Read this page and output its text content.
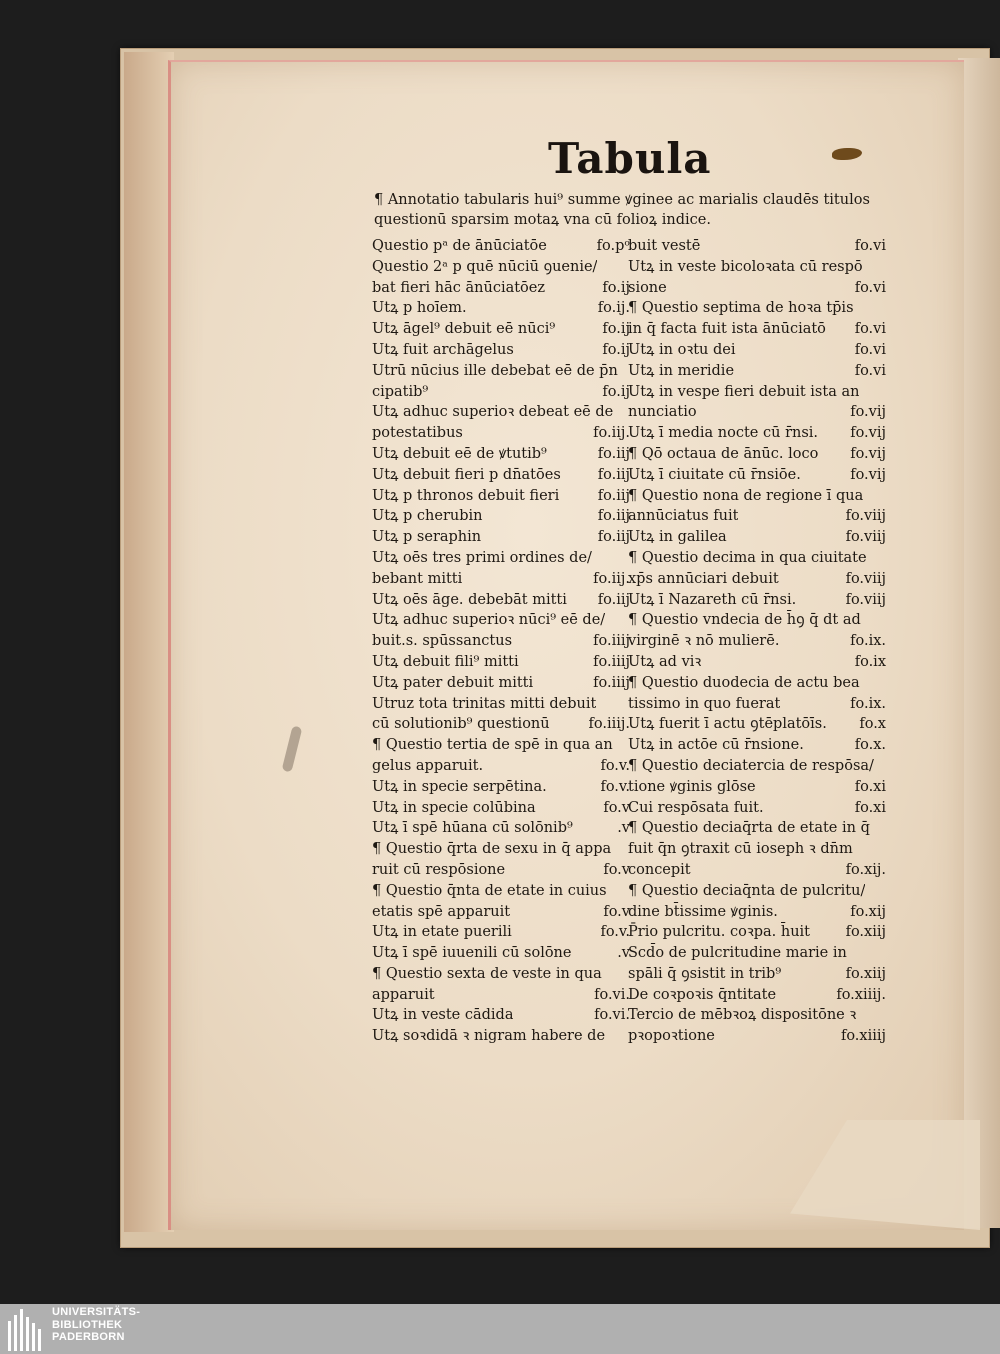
Tabula
¶ Annotatio tabularis hui⁹ summe ꝟginee ac marialis claudēs titulos questionū sparsim motaꝝ vna cū folioꝝ indice.
Questio pᵃ de ānūciatōe	fo.pᵒ
Questio 2ᵃ p quē nūciū ꝯuenie/
bat fieri hāc ānūciatōez	fo.ij
Utꝝ p hoīem.	fo.ij.
Utꝝ āgel⁹ debuit eē nūci⁹	fo.ij
Utꝝ fuit archāgelus	fo.ij
Utrū nūcius ille debebat eē de p̄n
cipatib⁹	fo.ij
Utꝝ adhuc superioꝛ debeat eē de
potestatibus	fo.iij.
Utꝝ debuit eē de ꝟtutib⁹	fo.iij
Utꝝ debuit fieri p dn̄atōes	fo.iij
Utꝝ p thronos debuit fieri	fo.iij
Utꝝ p cherubin	fo.iij
Utꝝ p seraphin	fo.iij
Utꝝ oēs tres primi ordines de/
bebant mitti	fo.iij.
Utꝝ oēs āge. debebāt mitti fo.iij
Utꝝ adhuc superioꝛ nūci⁹ eē de/
buit.s. spūssanctus	fo.iiij
Utꝝ debuit fili⁹ mitti	fo.iiij
Utꝝ pater debuit mitti	fo.iiij
Utruz tota trinitas mitti debuit
cū solutionib⁹ questionū	fo.iiij.
¶ Questio tertia de spē in qua an
gelus apparuit.	fo.v.
Utꝝ in specie serpētina.	fo.v.
Utꝝ in specie colūbina	fo.v
Utꝝ ī spē hūana cū solōnib⁹	.v
¶ Questio q̄rta de sexu in q̄ appa
ruit cū respōsione	fo.v
¶ Questio q̄nta de etate in cuius
etatis spē apparuit	fo.v
Utꝝ in etate puerili	fo.v.
Utꝝ ī spē iuuenili cū solōne	.v
¶ Questio sexta de veste in qua
apparuit	fo.vi.
Utꝝ in veste cādida	fo.vi.
Utꝝ soꝛdidā ꝛ nigram habere de
buit vestē	fo.vi
Utꝝ in veste bicoloꝛata cū respō
sione	fo.vi
¶ Questio septima de hoꝛa tp̄is
in q̄ facta fuit ista ānūciatō fo.vi
Utꝝ in oꝛtu dei	fo.vi
Utꝝ in meridie	fo.vi
Utꝝ in vespe fieri debuit ista an
nunciatio	fo.vij
Utꝝ ī media nocte cū r̄nsi. fo.vij
¶ Qō octaua de ānūc. loco fo.vij
Utꝝ ī ciuitate cū r̄nsiōe.	fo.vij
¶ Questio nona de regione ī qua
annūciatus fuit	fo.viij
Utꝝ in galilea	fo.viij
¶ Questio decima in qua ciuitate
xp̄s annūciari debuit	fo.viij
Utꝝ ī Nazareth cū r̄nsi.	fo.viij
¶ Questio vndecia de h̄ꝯ q̄ dt ad
virginē ꝛ nō mulierē.	fo.ix.
Utꝝ ad viꝛ	fo.ix
¶ Questio duodecia de actu bea
tissimo in quo fuerat	fo.ix.
Utꝝ fuerit ī actu ꝯtēplatōīs. fo.x
Utꝝ in actōe cū r̄nsione.	fo.x.
¶ Questio deciatercia de respōsa/
tione ꝟginis glōse	fo.xi
Cui respōsata fuit.	fo.xi
¶ Questio deciaq̄rta de etate in q̄
fuit q̄n ꝯtraxit cū ioseph ꝛ dn̄m
concepit	fo.xij.
¶ Questio deciaq̄nta de pulcritu/
dine bt̄issime ꝟginis.	fo.xij
P̄rio pulcritu. coꝛpa. h̄uit fo.xiij
Scd̄o de pulcritudine marie in
spāli q̄ ꝯsistit in trib⁹	fo.xiij
De coꝛpoꝛis q̄ntitate	fo.xiiij.
Tercio de mēbꝛoꝝ dispositōne ꝛ
pꝛopoꝛtione	fo.xiiij
UNIVERSITÄTS-
BIBLIOTHEK
PADERBORN
